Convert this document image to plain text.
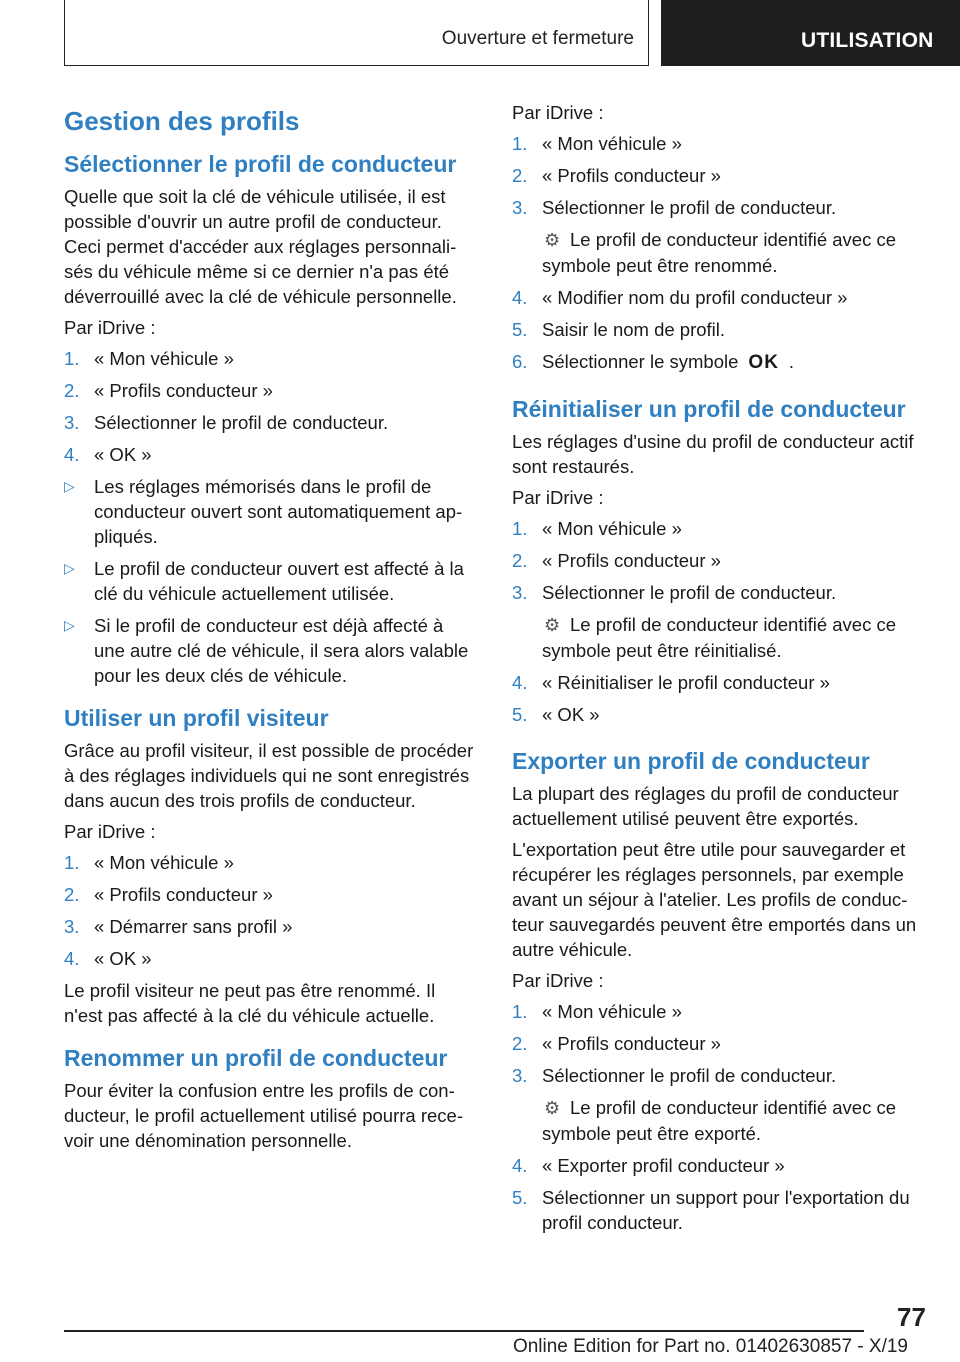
Ouverture et fermeture	UTILISATION
Gestion des profils
Sélectionner le profil de conducteur

Quelle que soit la clé de véhicule utilisée, il est possible d'ouvrir un autre profil de conducteur. Ceci permet d'accéder aux réglages personnalisés du véhicule même si ce dernier n'a pas été déverrouillé avec la clé de véhicule personnelle.

Par iDrive :

1. « Mon véhicule »
2. « Profils conducteur »
3. Sélectionner le profil de conducteur.
4. « OK »
▷ Les réglages mémorisés dans le profil de conducteur ouvert sont automatiquement appliqués.
▷ Le profil de conducteur ouvert est affecté à la clé du véhicule actuellement utilisée.
▷ Si le profil de conducteur est déjà affecté à une autre clé de véhicule, il sera alors valable pour les deux clés de véhicule.
Utiliser un profil visiteur

Grâce au profil visiteur, il est possible de procéder à des réglages individuels qui ne sont enregistrés dans aucun des trois profils de conducteur.

Par iDrive :

1. « Mon véhicule »
2. « Profils conducteur »
3. « Démarrer sans profil »
4. « OK »

Le profil visiteur ne peut pas être renommé. Il n'est pas affecté à la clé du véhicule actuelle.

Renommer un profil de conducteur

Pour éviter la confusion entre les profils de conducteur, le profil actuellement utilisé pourra recevoir une dénomination personnelle.

Par iDrive :

1. « Mon véhicule »
2. « Profils conducteur »
3. Sélectionner le profil de conducteur.

⚙ Le profil de conducteur identifié avec ce symbole peut être renommé.

4. « Modifier nom du profil conducteur »
5. Saisir le nom de profil.
6. Sélectionner le symbole OK .
Réinitialiser un profil de conducteur

Les réglages d'usine du profil de conducteur actif sont restaurés.

Par iDrive :

1. « Mon véhicule »
2. « Profils conducteur »
3. Sélectionner le profil de conducteur.

⚙ Le profil de conducteur identifié avec ce symbole peut être réinitialisé.

4. « Réinitialiser le profil conducteur »
5. « OK »
Exporter un profil de conducteur

La plupart des réglages du profil de conducteur actuellement utilisé peuvent être exportés.

L'exportation peut être utile pour sauvegarder et récupérer les réglages personnels, par exemple avant un séjour à l'atelier. Les profils de conducteur sauvegardés peuvent être emportés dans un autre véhicule.

Par iDrive :

1. « Mon véhicule »
2. « Profils conducteur »
3. Sélectionner le profil de conducteur.

⚙ Le profil de conducteur identifié avec ce symbole peut être exporté.

4. « Exporter profil conducteur »
5. Sélectionner un support pour l'exportation du profil conducteur.
77
Online Edition for Part no. 01402630857 - X/19
